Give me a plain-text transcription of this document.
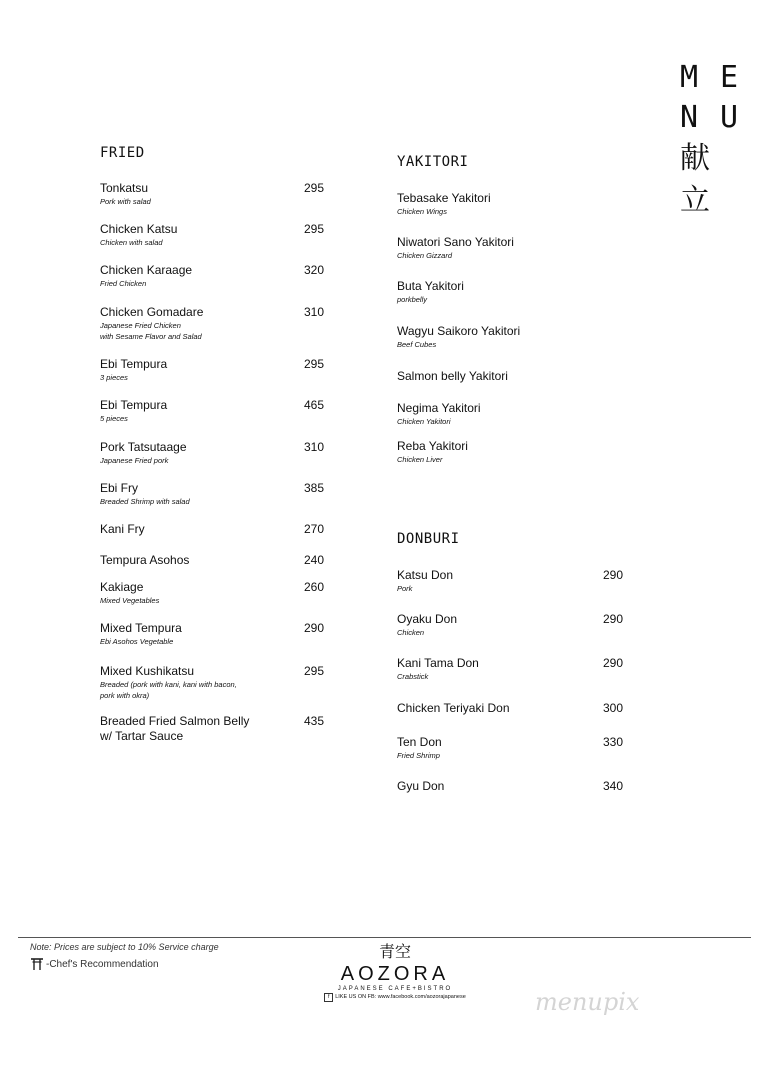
M E
N U
献
立
FRIED
Tonkatsu
Pork with salad
295
Chicken Katsu
Chicken with salad
295
Chicken Karaage
Fried Chicken
320
Chicken Gomadare
Japanese Fried Chicken
with Sesame Flavor and Salad
310
Ebi Tempura
3 pieces
295
Ebi Tempura
5 pieces
465
Pork Tatsutaage
Japanese Fried pork
310
Ebi Fry
Breaded Shrimp with salad
385
Kani Fry	270
Tempura Asohos	240
Kakiage
Mixed Vegetables
260
Mixed Tempura
Ebi Asohos Vegetable
290
Mixed Kushikatsu
Breaded (pork with kani, kani with bacon,
pork with okra)
295
Breaded Fried Salmon Belly
w/ Tartar Sauce
435
YAKITORI
Tebasake Yakitori
Chicken Wings
Niwatori Sano Yakitori
Chicken Gizzard
Buta Yakitori
porkbelly
Wagyu Saikoro Yakitori
Beef Cubes
Salmon belly Yakitori
Negima Yakitori
Chicken Yakitori
Reba Yakitori
Chicken Liver
DONBURI
Katsu Don
Pork
290
Oyaku Don
Chicken
290
Kani Tama Don
Crabstick
290
Chicken Teriyaki Don	300
Ten Don
Fried Shrimp
330
Gyu Don	340
Note: Prices are subject to 10% Service charge
-Chef's Recommendation
青空
AOZORA
JAPANESE CAFE+BISTRO
f	LIKE US ON FB: www.facebook.com/aozorajapanese	menupix
